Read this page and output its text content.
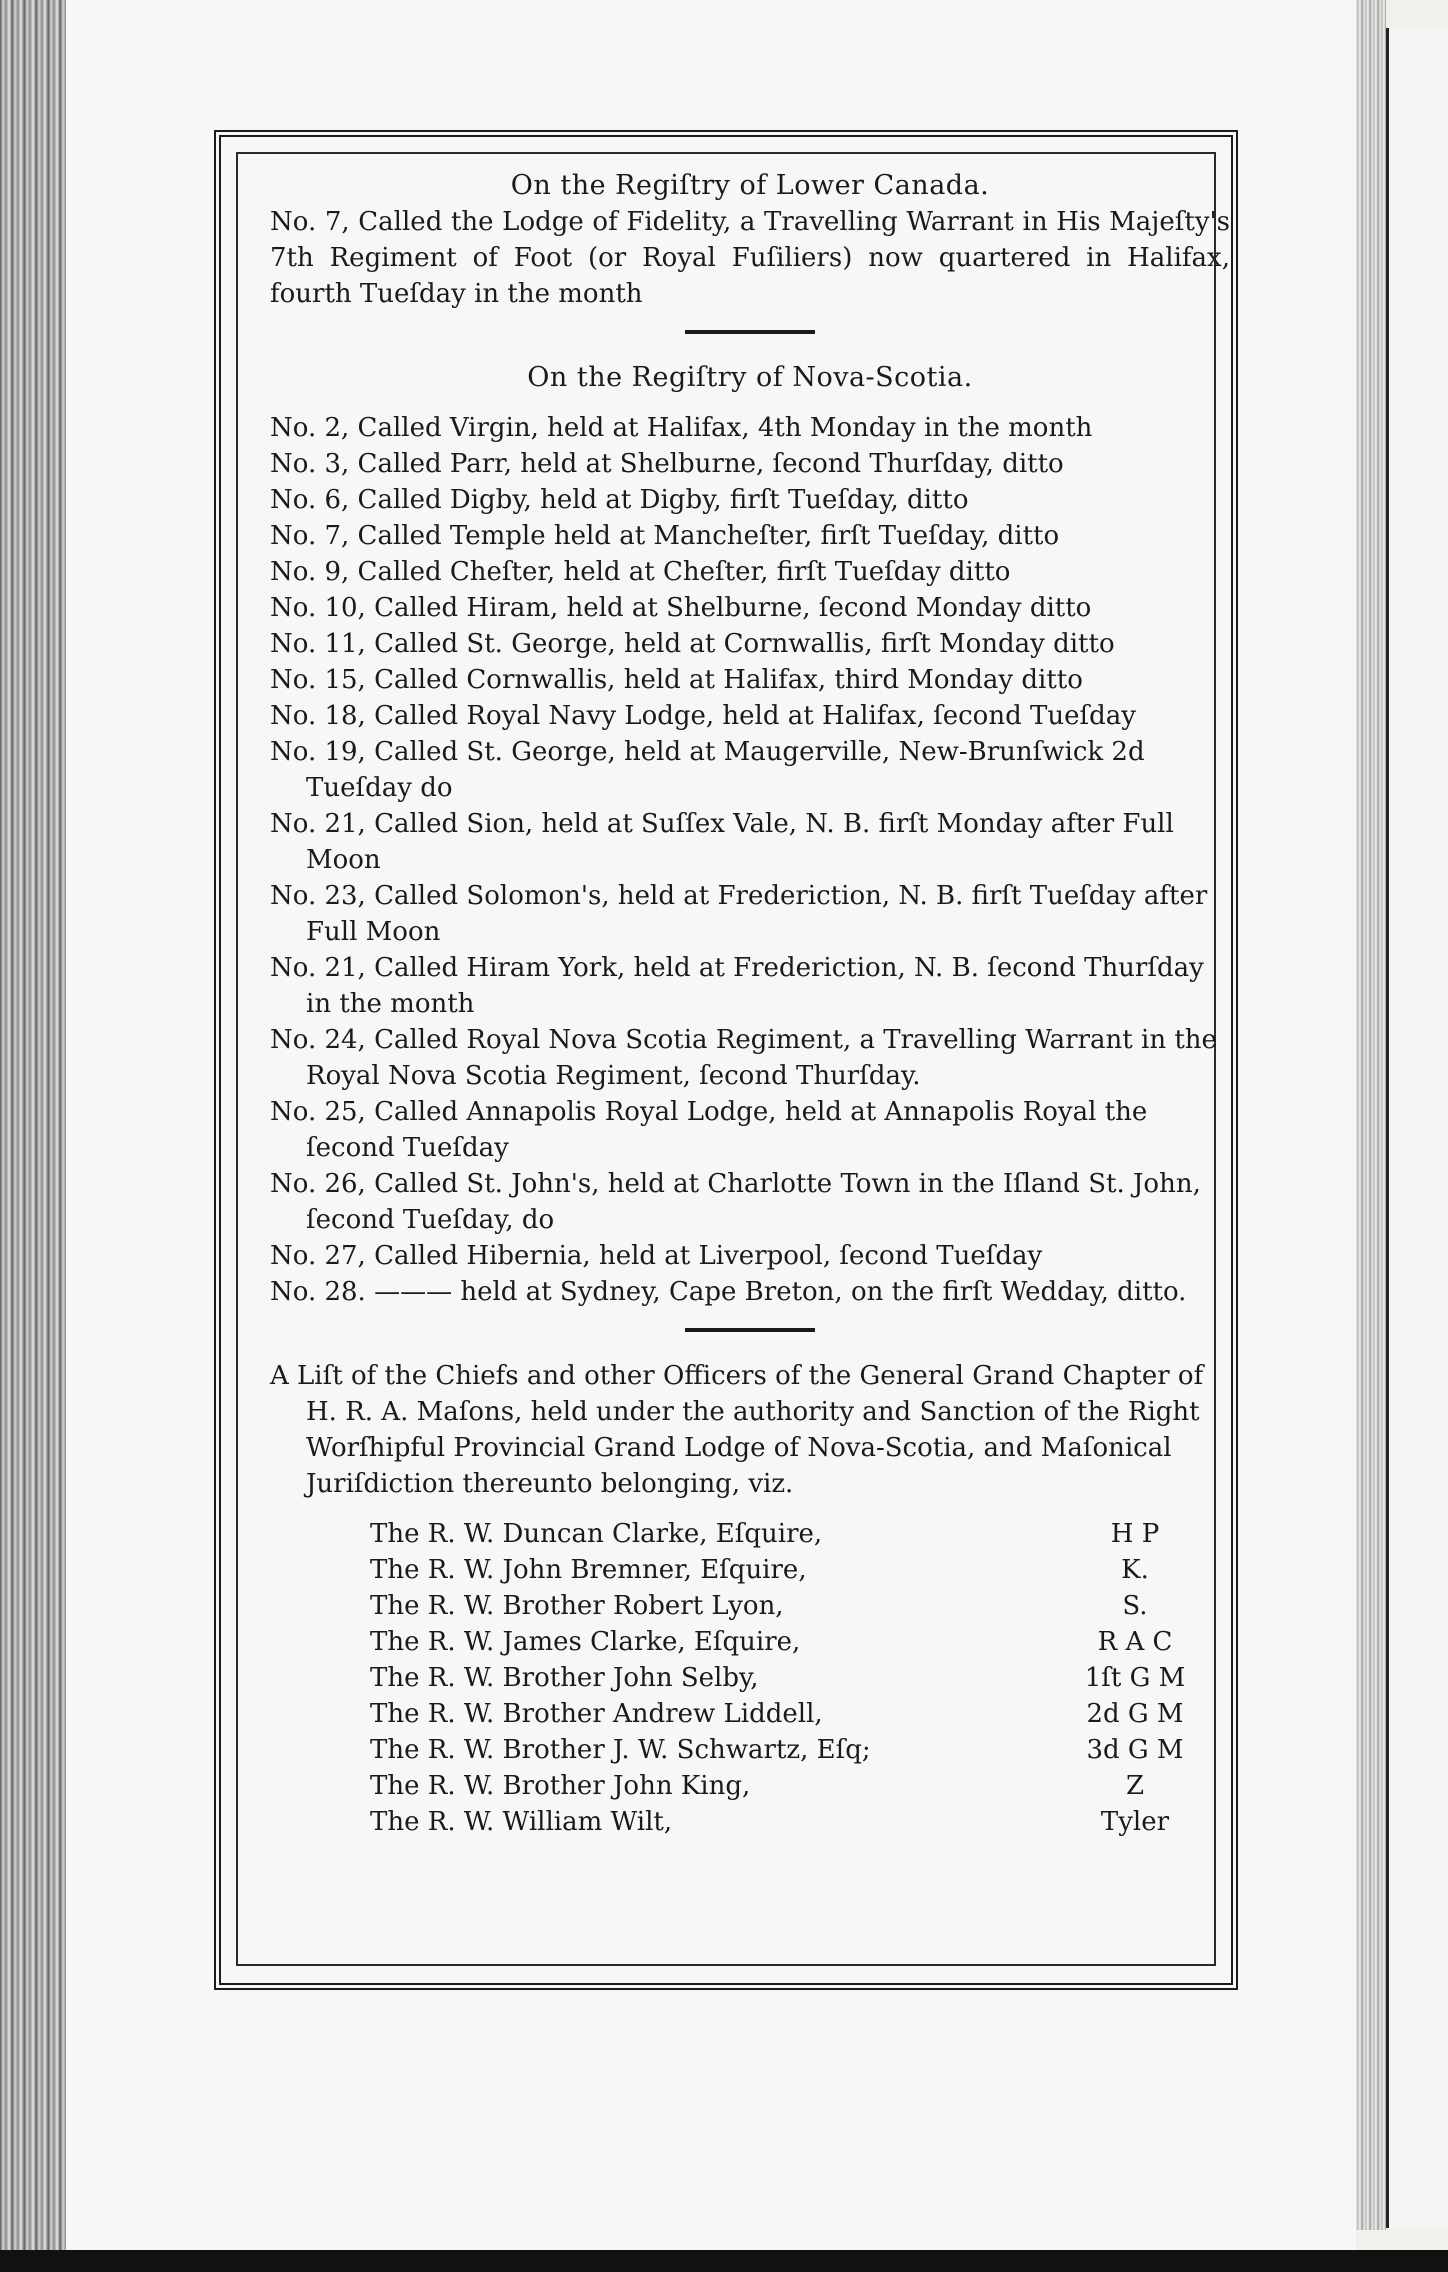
On the Regiſtry of Lower Canada.

No. 7, Called the Lodge of Fidelity, a Travelling Warrant in His Majeſty's 7th Regiment of Foot (or Royal Fuſiliers) now quartered in Halifax, fourth Tueſday in the month

On the Regiſtry of Nova-Scotia.

No. 2, Called Virgin, held at Halifax, 4th Monday in the month

No. 3, Called Parr, held at Shelburne, ſecond Thurſday, ditto

No. 6, Called Digby, held at Digby, firſt Tueſday, ditto

No. 7, Called Temple held at Mancheſter, firſt Tueſday, ditto

No. 9, Called Cheſter, held at Cheſter, firſt Tueſday ditto

No. 10, Called Hiram, held at Shelburne, ſecond Monday ditto

No. 11, Called St. George, held at Cornwallis, firſt Monday ditto

No. 15, Called Cornwallis, held at Halifax, third Monday ditto

No. 18, Called Royal Navy Lodge, held at Halifax, ſecond Tueſday

No. 19, Called St. George, held at Maugerville, New-Brunſwick 2d Tueſday do

No. 21, Called Sion, held at Suſſex Vale, N. B. firſt Monday after Full Moon

No. 23, Called Solomon's, held at Frederiction, N. B. firſt Tueſday after Full Moon

No. 21, Called Hiram York, held at Frederiction, N. B. ſecond Thurſday in the month

No. 24, Called Royal Nova Scotia Regiment, a Travelling Warrant in the Royal Nova Scotia Regiment, ſecond Thurſday.

No. 25, Called Annapolis Royal Lodge, held at Annapolis Royal the ſecond Tueſday

No. 26, Called St. John's, held at Charlotte Town in the Iſland St. John, ſecond Tueſday, do

No. 27, Called Hibernia, held at Liverpool, ſecond Tueſday

No. 28. ——— held at Sydney, Cape Breton, on the firſt Wedday, ditto.

A Liſt of the Chiefs and other Officers of the General Grand Chapter of H. R. A. Maſons, held under the authority and Sanction of the Right Worſhipful Provincial Grand Lodge of Nova-Scotia, and Maſonical Juriſdiction thereunto belonging, viz.

The R. W. Duncan Clarke, Eſquire,	H P
The R. W. John Bremner, Eſquire,	K.
The R. W. Brother Robert Lyon,	S.
The R. W. James Clarke, Eſquire,	R A C
The R. W. Brother John Selby,	1ſt G M
The R. W. Brother Andrew Liddell,	2d G M
The R. W. Brother J. W. Schwartz, Eſq;	3d G M
The R. W. Brother John King,	Z
The R. W. William Wilt,	Tyler
